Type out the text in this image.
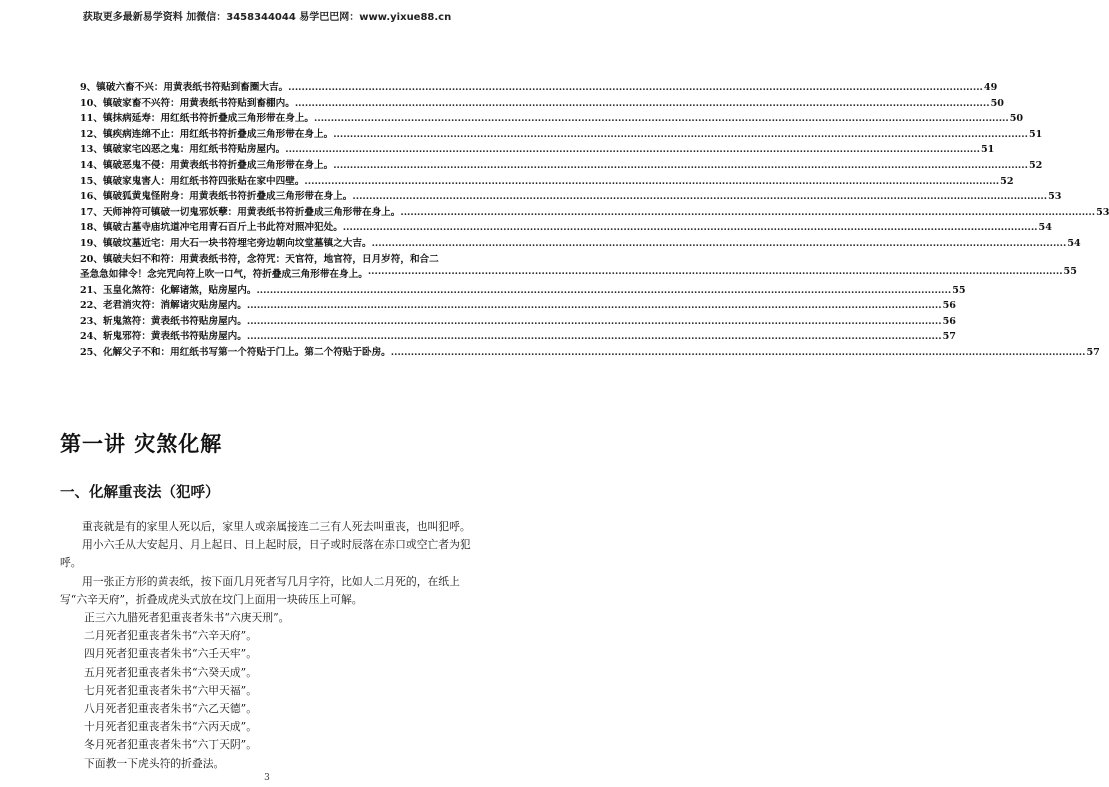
获取更多最新易学资料 加微信：3458344044 易学巴巴网：www.yixue88.cn
9、镇破六畜不兴：用黄表纸书符贴到畜圈大吉。 .....	49
10、镇破家畜不兴符：用黄表纸书符贴到畜棚内。 .....	50
11、镇抹病延寿：用红纸书符折叠成三角形带在身上。 .....	50
12、镇疾病连绵不止：用红纸书符折叠成三角形带在身上。 .....	51
13、镇破家宅凶恶之鬼：用红纸书符贴房屋内。 .....	51
14、镇破恶鬼不侵：用黄表纸书符折叠成三角形带在身上。 .....	52
15、镇破家鬼害人：用红纸书符四张贴在家中四壁。 .....	52
16、镇破狐黄鬼怪附身：用黄表纸书符折叠成三角形带在身上。 .....	53
17、天师神符可镇破一切鬼邪妖孽：用黄表纸书符折叠成三角形带在身上。 .....	53
18、镇破古墓寺庙坑道冲宅用青石百斤上书此符对照冲犯处。 .....	54
19、镇破坟墓近宅：用大石一块书符埋宅旁边朝向坟堂墓镇之大吉。 .....	54
20、镇破夫妇不和符：用黄表纸书符，念符咒：天官符，地官符，日月岁符，和合二
圣急急如律令！念完咒向符上吹一口气，符折叠成三角形带在身上。 .....	55
21、玉皇化煞符：化解诸煞，贴房屋内。 .....	55
22、老君消灾符：消解诸灾贴房屋内。 .....	56
23、斩鬼煞符：黄表纸书符贴房屋内。 .....	56
24、斩鬼邪符：黄表纸书符贴房屋内。 .....	57
25、化解父子不和：用红纸书写第一个符贴于门上。第二个符贴于卧房。 .....	57
第一讲 灾煞化解
一、化解重丧法（犯呼）

重丧就是有的家里人死以后，家里人或亲属接连二三有人死去叫重丧，也叫犯呼。

用小六壬从大安起月、月上起日、日上起时辰，日子或时辰落在赤口或空亡者为犯呼。

用一张正方形的黄表纸，按下面几月死者写几月字符，比如人二月死的，在纸上写“六辛天府”，折叠成虎头式放在坟门上面用一块砖压上可解。

正三六九腊死者犯重丧者朱书“六庚天刑”。

二月死者犯重丧者朱书“六辛天府”。

四月死者犯重丧者朱书“六壬天牢”。

五月死者犯重丧者朱书“六癸天成”。

七月死者犯重丧者朱书“六甲天福”。

八月死者犯重丧者朱书“六乙天德”。

十月死者犯重丧者朱书“六丙天成”。

冬月死者犯重丧者朱书“六丁天阴”。

下面教一下虎头符的折叠法。

3
